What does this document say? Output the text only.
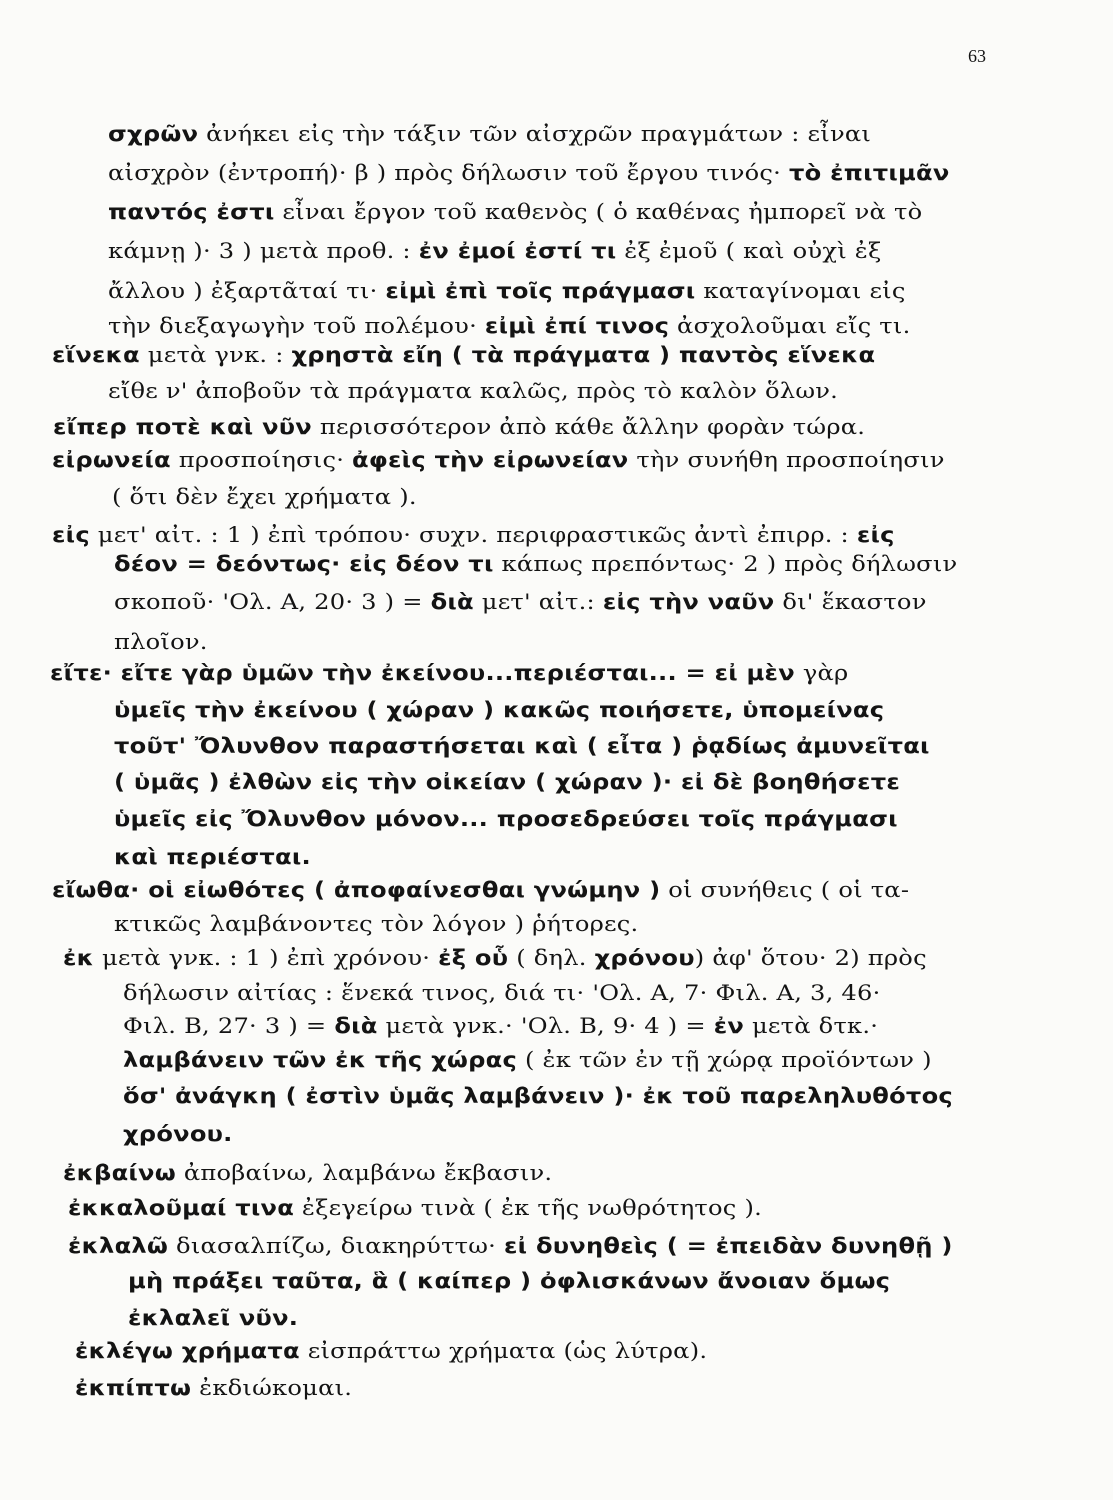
63
σχρῶν ἀνήκει εἰς τὴν τάξιν τῶν αἰσχρῶν πραγμάτων : εἶναι
αἰσχρὸν (ἐντροπή)· β ) πρὸς δήλωσιν τοῦ ἔργου τινός· τὸ ἐπιτιμᾶν
παντός ἐστι εἶναι ἔργον τοῦ καθενὸς ( ὁ καθένας ἠμπορεῖ νὰ τὸ
κάμνῃ )· 3 ) μετὰ προθ. : ἐν ἐμοί ἐστί τι ἐξ ἐμοῦ ( καὶ οὐχὶ ἐξ
ἄλλου ) ἐξαρτᾶταί τι· εἰμὶ ἐπὶ τοῖς πράγμασι καταγίνομαι εἰς
τὴν διεξαγωγὴν τοῦ πολέμου· εἰμὶ ἐπί τινος ἀσχολοῦμαι εἴς τι.
εἵνεκα μετὰ γνκ. : χρηστὰ εἴη ( τὰ πράγματα ) παντὸς εἵνεκα
εἴθε ν' ἀποβοῦν τὰ πράγματα καλῶς, πρὸς τὸ καλὸν ὅλων.
εἴπερ ποτὲ καὶ νῦν περισσότερον ἀπὸ κάθε ἄλλην φορὰν τώρα.
εἰρωνεία προσποίησις· ἀφεὶς τὴν εἰρωνείαν τὴν συνήθη προσποίησιν
( ὅτι δὲν ἔχει χρήματα ).
εἰς μετ' αἰτ. : 1 ) ἐπὶ τρόπου· συχν. περιφραστικῶς ἀντὶ ἐπιρρ. : εἰς
δέον = δεόντως· εἰς δέον τι κάπως πρεπόντως· 2 ) πρὸς δήλωσιν
σκοποῦ· 'Ολ. Α, 20· 3 ) = διὰ μετ' αἰτ.: εἰς τὴν ναῦν δι' ἕκαστον
πλοῖον.
εἴτε· εἴτε γὰρ ὑμῶν τὴν ἐκείνου...περιέσται... = εἰ μὲν γὰρ
ὑμεῖς τὴν ἐκείνου ( χώραν ) κακῶς ποιήσετε, ὑπομείνας
τοῦτ' Ὄλυνθον παραστήσεται καὶ ( εἶτα ) ῥᾳδίως ἀμυνεῖται
( ὑμᾶς ) ἐλθὼν εἰς τὴν οἰκείαν ( χώραν )· εἰ δὲ βοηθήσετε
ὑμεῖς εἰς Ὄλυνθον μόνον... προσεδρεύσει τοῖς πράγμασι
καὶ περιέσται.
εἴωθα· οἱ εἰωθότες ( ἀποφαίνεσθαι γνώμην ) οἱ συνήθεις ( οἱ τα-
κτικῶς λαμβάνοντες τὸν λόγον ) ῥήτορες.
ἐκ μετὰ γνκ. : 1 ) ἐπὶ χρόνου· ἐξ οὗ ( δηλ. χρόνου) ἀφ' ὅτου· 2) πρὸς
δήλωσιν αἰτίας : ἕνεκά τινος, διά τι· 'Ολ. Α, 7· Φιλ. Α, 3, 46·
Φιλ. Β, 27· 3 ) = διὰ μετὰ γνκ.· 'Ολ. Β, 9· 4 ) = ἐν μετὰ δτκ.·
λαμβάνειν τῶν ἐκ τῆς χώρας ( ἐκ τῶν ἐν τῇ χώρᾳ προϊόντων )
ὅσ' ἀνάγκη ( ἐστὶν ὑμᾶς λαμβάνειν )· ἐκ τοῦ παρεληλυθότος
χρόνου.
ἐκβαίνω ἀποβαίνω, λαμβάνω ἔκβασιν.
ἐκκαλοῦμαί τινα ἐξεγείρω τινὰ ( ἐκ τῆς νωθρότητος ).
ἐκλαλῶ διασαλπίζω, διακηρύττω· εἰ δυνηθεὶς ( = ἐπειδὰν δυνηθῇ )
μὴ πράξει ταῦτα, ἃ ( καίπερ ) ὀφλισκάνων ἄνοιαν ὅμως
ἐκλαλεῖ νῦν.
ἐκλέγω χρήματα εἰσπράττω χρήματα (ὡς λύτρα).
ἐκπίπτω ἐκδιώκομαι.
